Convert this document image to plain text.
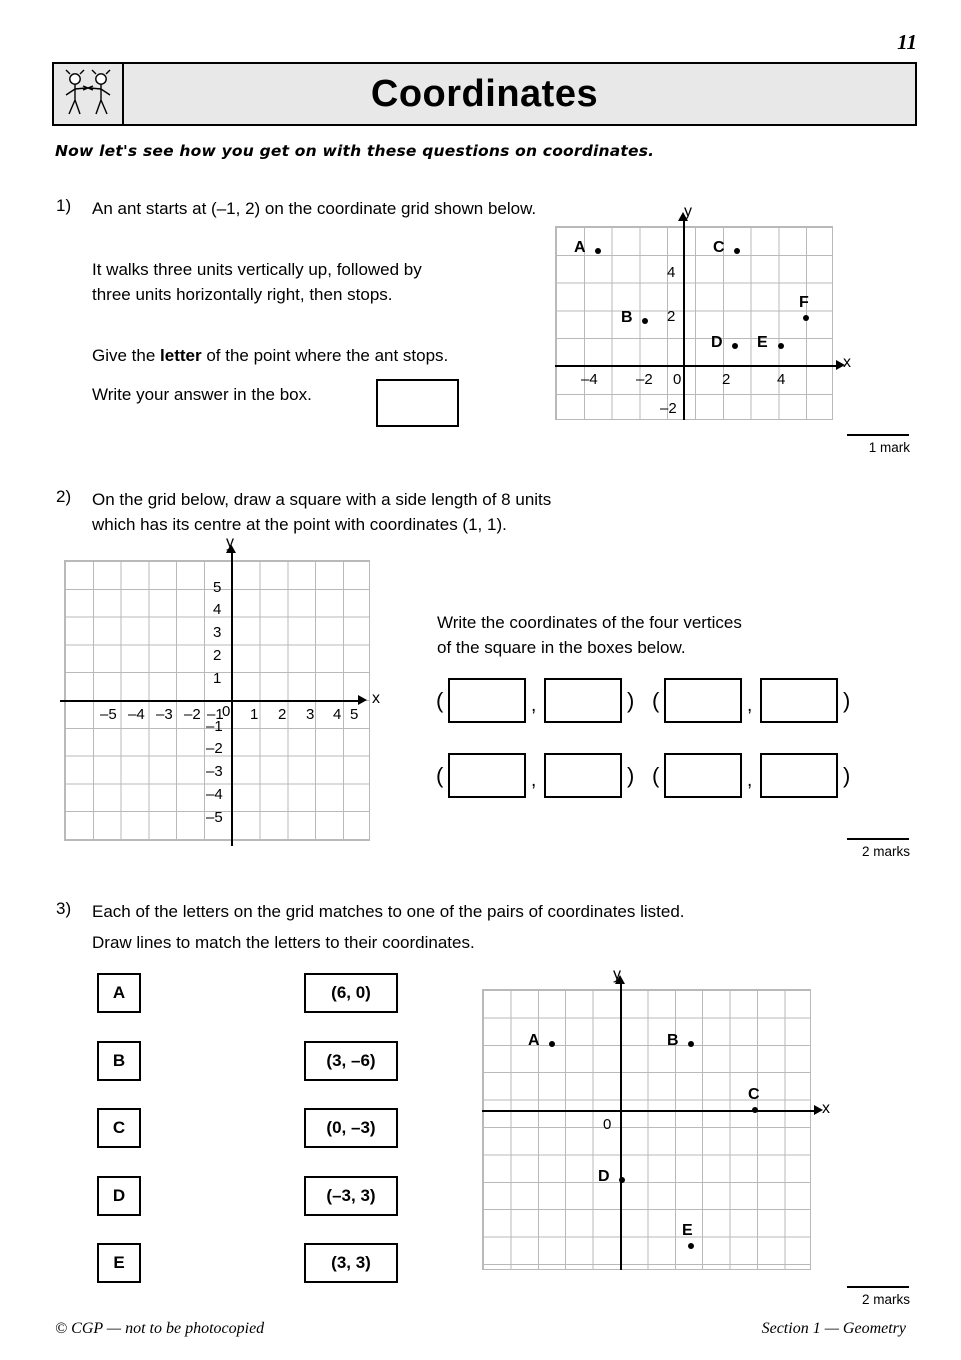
11
Coordinates
Now let's see how you get on with these questions on coordinates.
1) An ant starts at (–1, 2) on the coordinate grid shown below.
It walks three units vertically up, followed by
three units horizontally right, then stops.
Give the letter of the point where the ant stops.
Write your answer in the box.
x
y
–4	–2 0	2	4
4
2
–2
A	C
B
F
D E
1 mark
2) On the grid below, draw a square with a side length of 8 units
which has its centre at the point with coordinates (1, 1).
x
y
–5 –4 –3 –2 –1
0 1 2 3 4 5
5
4
3
2
1
–1
–2
–3
–4
–5
Write the coordinates of the four vertices
of the square in the boxes below.
(	,	) (	,	)
(	,	) (	,	)
2 marks
3) Each of the letters on the grid matches to one of the pairs of coordinates listed.
Draw lines to match the letters to their coordinates.
A
B
C
D
E
(6, 0)
(3, –6)
(0, –3)
(–3, 3)
(3, 3)
x
y
0
A	B
C
D
E
2 marks
© CGP — not to be photocopied	Section 1 — Geometry
